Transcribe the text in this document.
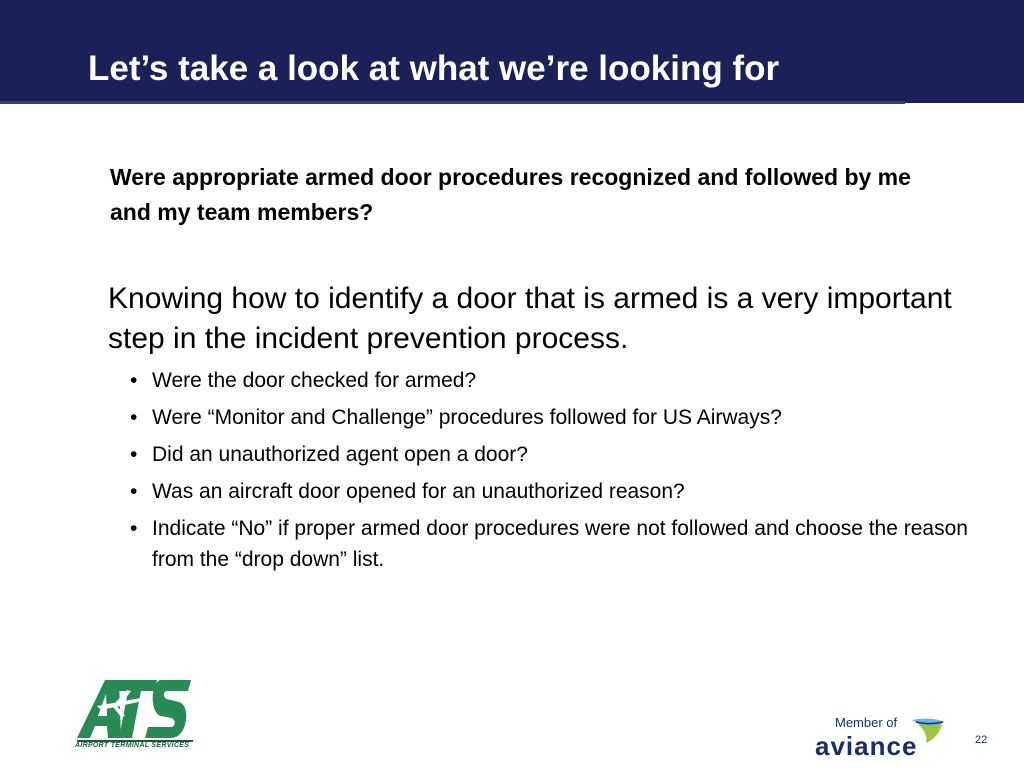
Let’s take a look at what we’re looking for

Were appropriate armed door procedures recognized and followed by me and my team members?

Knowing how to identify a door that is armed is a very important step in the incident prevention process.

• Were the door checked for armed?
• Were “Monitor and Challenge” procedures followed for US Airways?
• Did an unauthorized agent open a door?
• Was an aircraft door opened for an unauthorized reason?
• Indicate “No” if proper armed door procedures were not followed and choose the reason from the “drop down” list.
AIRPORT TERMINAL SERVICES
Member of
aviance	22
